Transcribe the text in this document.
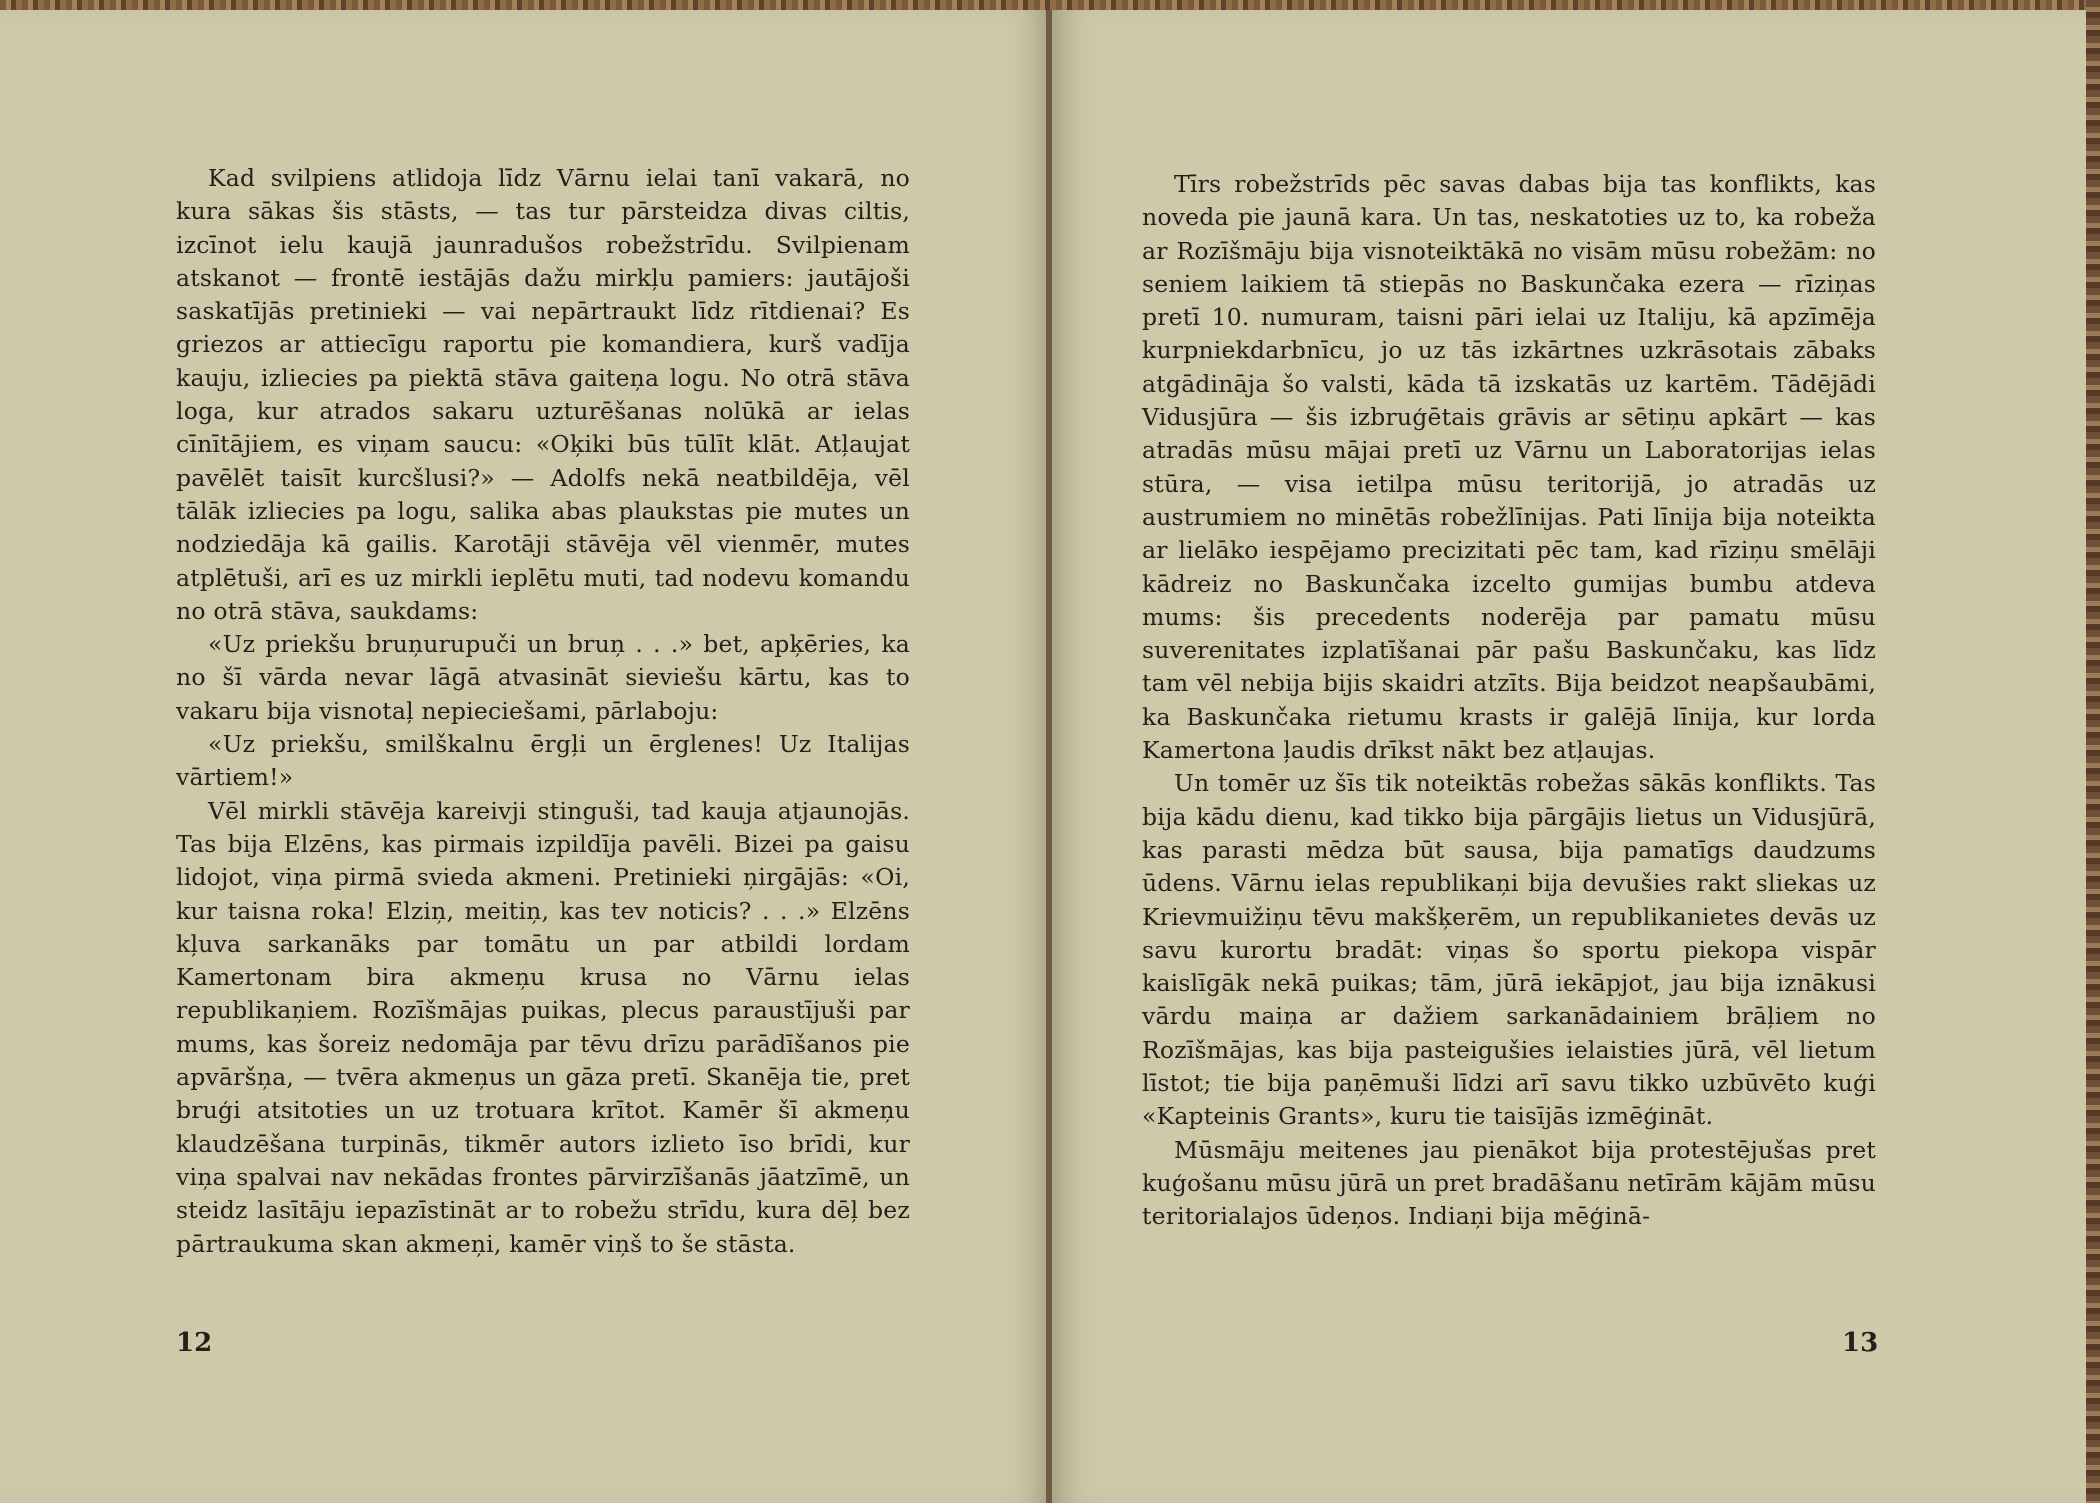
Kad svilpiens atlidoja līdz Vārnu ielai tanī vakarā, no kura sākas šis stāsts, — tas tur pārsteidza divas ciltis, izcīnot ielu kaujā jaunradušos robežstrīdu. Svilpienam atskanot — frontē iestājās dažu mirkļu pamiers: jautājoši saskatījās pretinieki — vai nepārtraukt līdz rītdienai? Es griezos ar attiecīgu raportu pie komandiera, kurš vadīja kauju, izliecies pa piektā stāva gaiteņa logu. No otrā stāva loga, kur atrados sakaru uzturēšanas nolūkā ar ielas cīnītājiem, es viņam saucu: «Oķiki būs tūlīt klāt. Atļaujat pavēlēt taisīt kurcšlusi?» — Adolfs nekā neatbildēja, vēl tālāk izliecies pa logu, salika abas plaukstas pie mutes un nodziedāja kā gailis. Karotāji stāvēja vēl vienmēr, mutes atplētuši, arī es uz mirkli ieplētu muti, tad nodevu komandu no otrā stāva, saukdams:

«Uz priekšu bruņurupuči un bruņ . . .» bet, apķēries, ka no šī vārda nevar lāgā atvasināt sieviešu kārtu, kas to vakaru bija visnotaļ nepieciešami, pārlaboju:

«Uz priekšu, smilškalnu ērgļi un ērglenes! Uz Italijas vārtiem!»

Vēl mirkli stāvēja kareivji stinguši, tad kauja atjaunojās. Tas bija Elzēns, kas pirmais izpildīja pavēli. Bizei pa gaisu lidojot, viņa pirmā svieda akmeni. Pretinieki ņirgājās: «Oi, kur taisna roka! Elziņ, meitiņ, kas tev noticis? . . .» Elzēns kļuva sarkanāks par tomātu un par atbildi lordam Kamertonam bira akmeņu krusa no Vārnu ielas republikaņiem. Rozīšmājas puikas, plecus paraustījuši par mums, kas šoreiz nedomāja par tēvu drīzu parādīšanos pie apvāršņa, — tvēra akmeņus un gāza pretī. Skanēja tie, pret bruģi atsitoties un uz trotuara krītot. Kamēr šī akmeņu klaudzēšana turpinās, tikmēr autors izlieto īso brīdi, kur viņa spalvai nav nekādas frontes pārvirzīšanās jāatzīmē, un steidz lasītāju iepazīstināt ar to robežu strīdu, kura dēļ bez pārtraukuma skan akmeņi, kamēr viņš to še stāsta.

12

Tīrs robežstrīds pēc savas dabas bija tas konflikts, kas noveda pie jaunā kara. Un tas, neskatoties uz to, ka robeža ar Rozīšmāju bija visnoteiktākā no visām mūsu robežām: no seniem laikiem tā stiepās no Baskunčaka ezera — rīziņas pretī 10. numuram, taisni pāri ielai uz Italiju, kā apzīmēja kurpniekdarbnīcu, jo uz tās izkārtnes uzkrāsotais zābaks atgādināja šo valsti, kāda tā izskatās uz kartēm. Tādējādi Vidusjūra — šis izbruģētais grāvis ar sētiņu apkārt — kas atradās mūsu mājai pretī uz Vārnu un Laboratorijas ielas stūra, — visa ietilpa mūsu teritorijā, jo atradās uz austrumiem no minētās robežlīnijas. Pati līnija bija noteikta ar lielāko iespējamo precizitati pēc tam, kad rīziņu smēlāji kādreiz no Baskunčaka izcelto gumijas bumbu atdeva mums: šis precedents noderēja par pamatu mūsu suverenitates izplatīšanai pār pašu Baskunčaku, kas līdz tam vēl nebija bijis skaidri atzīts. Bija beidzot neapšaubāmi, ka Baskunčaka rietumu krasts ir galējā līnija, kur lorda Kamertona ļaudis drīkst nākt bez atļaujas.

Un tomēr uz šīs tik noteiktās robežas sākās konflikts. Tas bija kādu dienu, kad tikko bija pārgājis lietus un Vidusjūrā, kas parasti mēdza būt sausa, bija pamatīgs daudzums ūdens. Vārnu ielas republikaņi bija devušies rakt sliekas uz Krievmuižiņu tēvu makšķerēm, un republikanietes devās uz savu kurortu bradāt: viņas šo sportu piekopa vispār kaislīgāk nekā puikas; tām, jūrā iekāpjot, jau bija iznākusi vārdu maiņa ar dažiem sarkanādainiem brāļiem no Rozīšmājas, kas bija pasteigušies ielaisties jūrā, vēl lietum līstot; tie bija paņēmuši līdzi arī savu tikko uzbūvēto kuģi «Kapteinis Grants», kuru tie taisījās izmēģināt.

Mūsmāju meitenes jau pienākot bija protestējušas pret kuģošanu mūsu jūrā un pret bradāšanu netīrām kājām mūsu teritorialajos ūdeņos. Indiaņi bija mēģinā-

13
